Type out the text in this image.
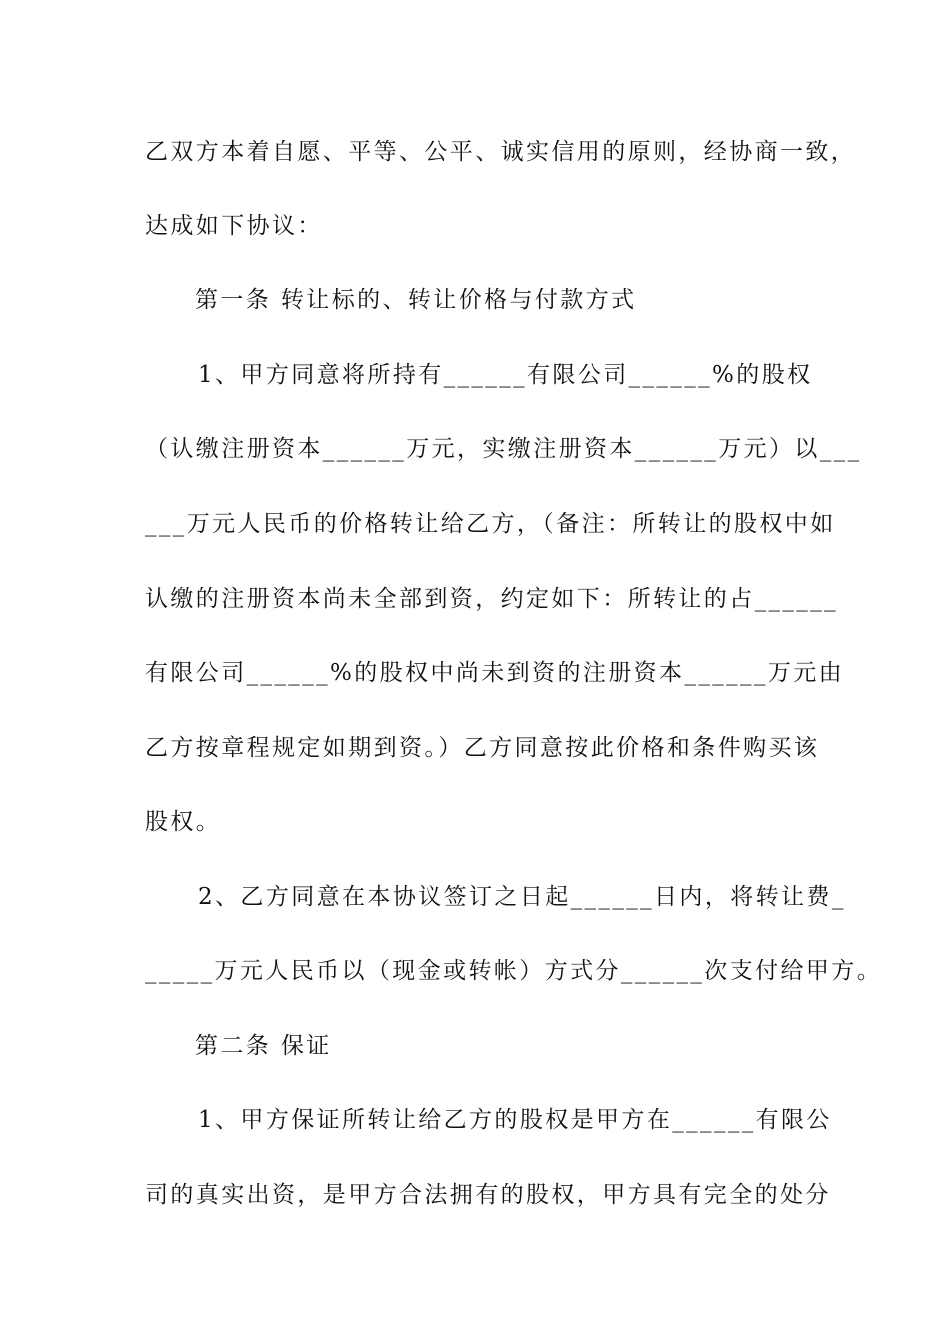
乙双方本着自愿、平等、公平、诚实信用的原则，经协商一致，
达成如下协议：
第一条 转让标的、转让价格与付款方式
1、甲方同意将所持有______有限公司______%的股权
（认缴注册资本______万元，实缴注册资本______万元）以___
___万元人民币的价格转让给乙方，（备注：所转让的股权中如
认缴的注册资本尚未全部到资，约定如下：所转让的占______
有限公司______%的股权中尚未到资的注册资本______万元由
乙方按章程规定如期到资。）乙方同意按此价格和条件购买该
股权。
2、乙方同意在本协议签订之日起______日内，将转让费_
_____万元人民币以（现金或转帐）方式分______次支付给甲方。
第二条 保证
1、甲方保证所转让给乙方的股权是甲方在______有限公
司的真实出资，是甲方合法拥有的股权，甲方具有完全的处分
